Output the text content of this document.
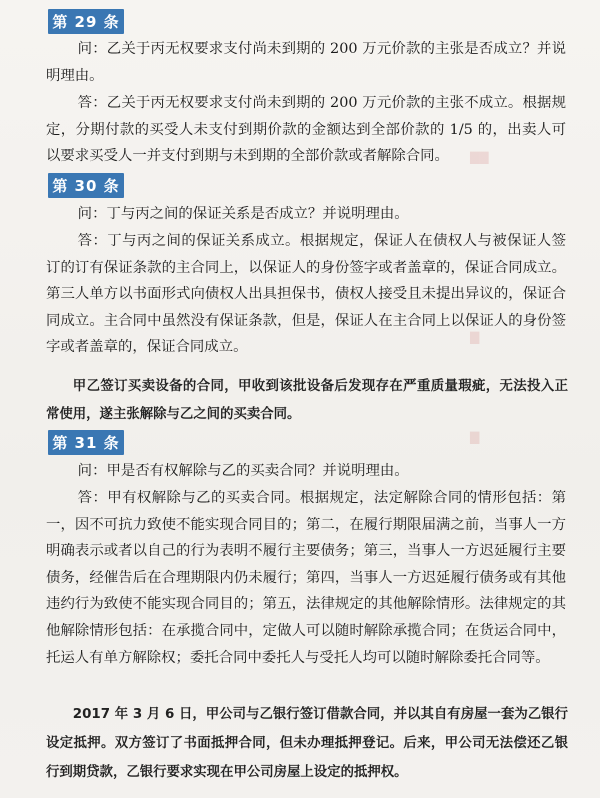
▇▇
▇
▇
第 29 条

问：乙关于丙无权要求支付尚未到期的 200 万元价款的主张是否成立？并说明理由。

答：乙关于丙无权要求支付尚未到期的 200 万元价款的主张不成立。根据规定，分期付款的买受人未支付到期价款的金额达到全部价款的 1/5 的，出卖人可以要求买受人一并支付到期与未到期的全部价款或者解除合同。

第 30 条

问：丁与丙之间的保证关系是否成立？并说明理由。

答：丁与丙之间的保证关系成立。根据规定，保证人在债权人与被保证人签订的订有保证条款的主合同上，以保证人的身份签字或者盖章的，保证合同成立。第三人单方以书面形式向债权人出具担保书，债权人接受且未提出异议的，保证合同成立。主合同中虽然没有保证条款，但是，保证人在主合同上以保证人的身份签字或者盖章的，保证合同成立。

甲乙签订买卖设备的合同，甲收到该批设备后发现存在严重质量瑕疵，无法投入正常使用，遂主张解除与乙之间的买卖合同。

第 31 条

问：甲是否有权解除与乙的买卖合同？并说明理由。

答：甲有权解除与乙的买卖合同。根据规定，法定解除合同的情形包括：第一，因不可抗力致使不能实现合同目的；第二，在履行期限届满之前，当事人一方明确表示或者以自己的行为表明不履行主要债务；第三，当事人一方迟延履行主要债务，经催告后在合理期限内仍未履行；第四，当事人一方迟延履行债务或有其他违约行为致使不能实现合同目的；第五，法律规定的其他解除情形。法律规定的其他解除情形包括：在承揽合同中，定做人可以随时解除承揽合同；在货运合同中，托运人有单方解除权；委托合同中委托人与受托人均可以随时解除委托合同等。

2017 年 3 月 6 日，甲公司与乙银行签订借款合同，并以其自有房屋一套为乙银行设定抵押。双方签订了书面抵押合同，但未办理抵押登记。后来，甲公司无法偿还乙银行到期贷款，乙银行要求实现在甲公司房屋上设定的抵押权。
